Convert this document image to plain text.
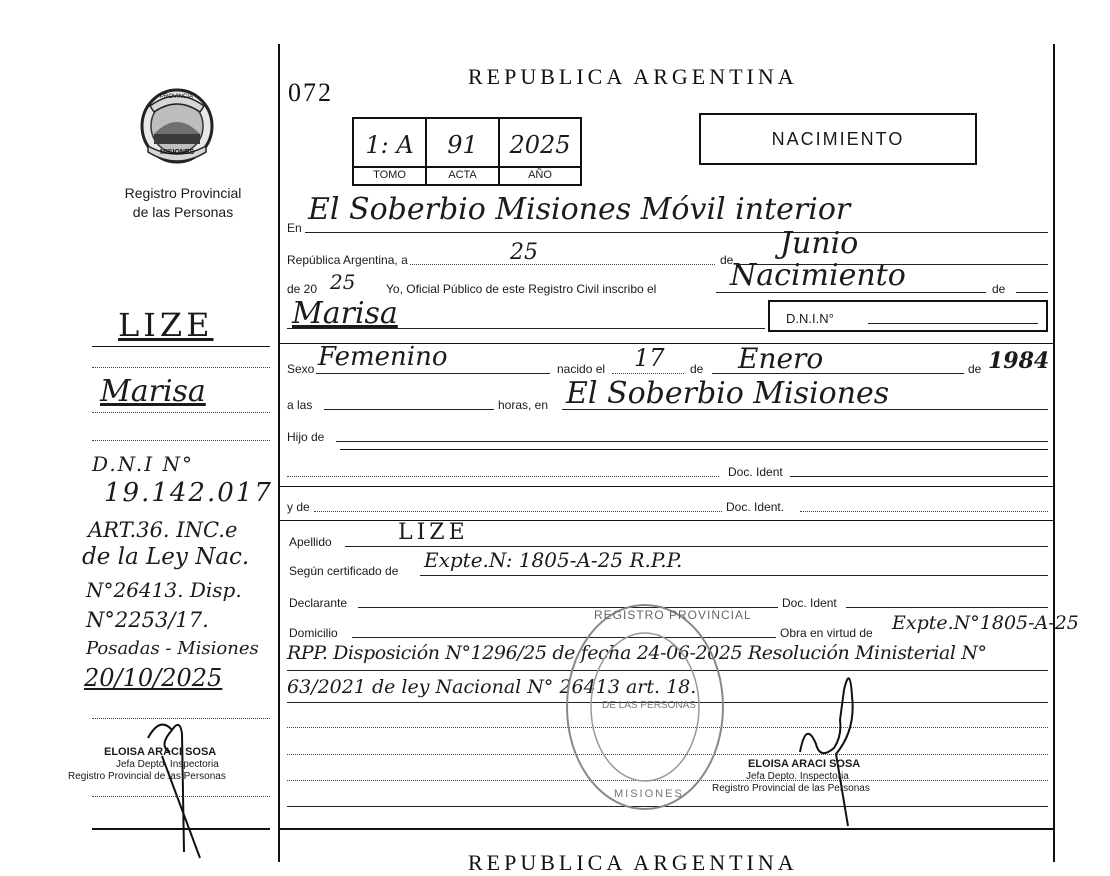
PROVINCIA
MISIONES
Registro Provincial
de las Personas
LIZE
Marisa
D.N.I N°
19.142.017
ART.36. INC.e
de la Ley Nac.
N°26413. Disp.
N°2253/17.
Posadas - Misiones
20/10/2025
ELOISA ARACI SOSA
Jefa Depto. Inspectoria
Registro Provincial de las Personas
072
REPUBLICA ARGENTINA
1: A
TOMO
91
ACTA
2025
AÑO
NACIMIENTO
En
El Soberbio Misiones Móvil interior
República Argentina, a	25	de Junio
de 20 25	Yo, Oficial Público de este Registro Civil inscribo el Nacimiento	de
Marisa	D.N.I.N°
Sexo Femenino	nacido el 17 de Enero	de 1984
a las	horas, en El Soberbio Misiones
Hijo de
Doc. Ident
y de	Doc. Ident.
Apellido	LIZE
Según certificado de Expte.N: 1805-A-25 R.P.P.
Declarante	Doc. Ident
Domicilio	Obra en virtud de Expte.N°1805-A-25
RPP. Disposición N°1296/25 de fecha 24-06-2025 Resolución Ministerial N°
63/2021 de ley Nacional N° 26413 art. 18.
REGISTRO PROVINCIAL
DE LAS PERSONAS
MISIONES
ELOISA ARACI SOSA
Jefa Depto. Inspectoria
Registro Provincial de las Personas
REPUBLICA ARGENTINA
